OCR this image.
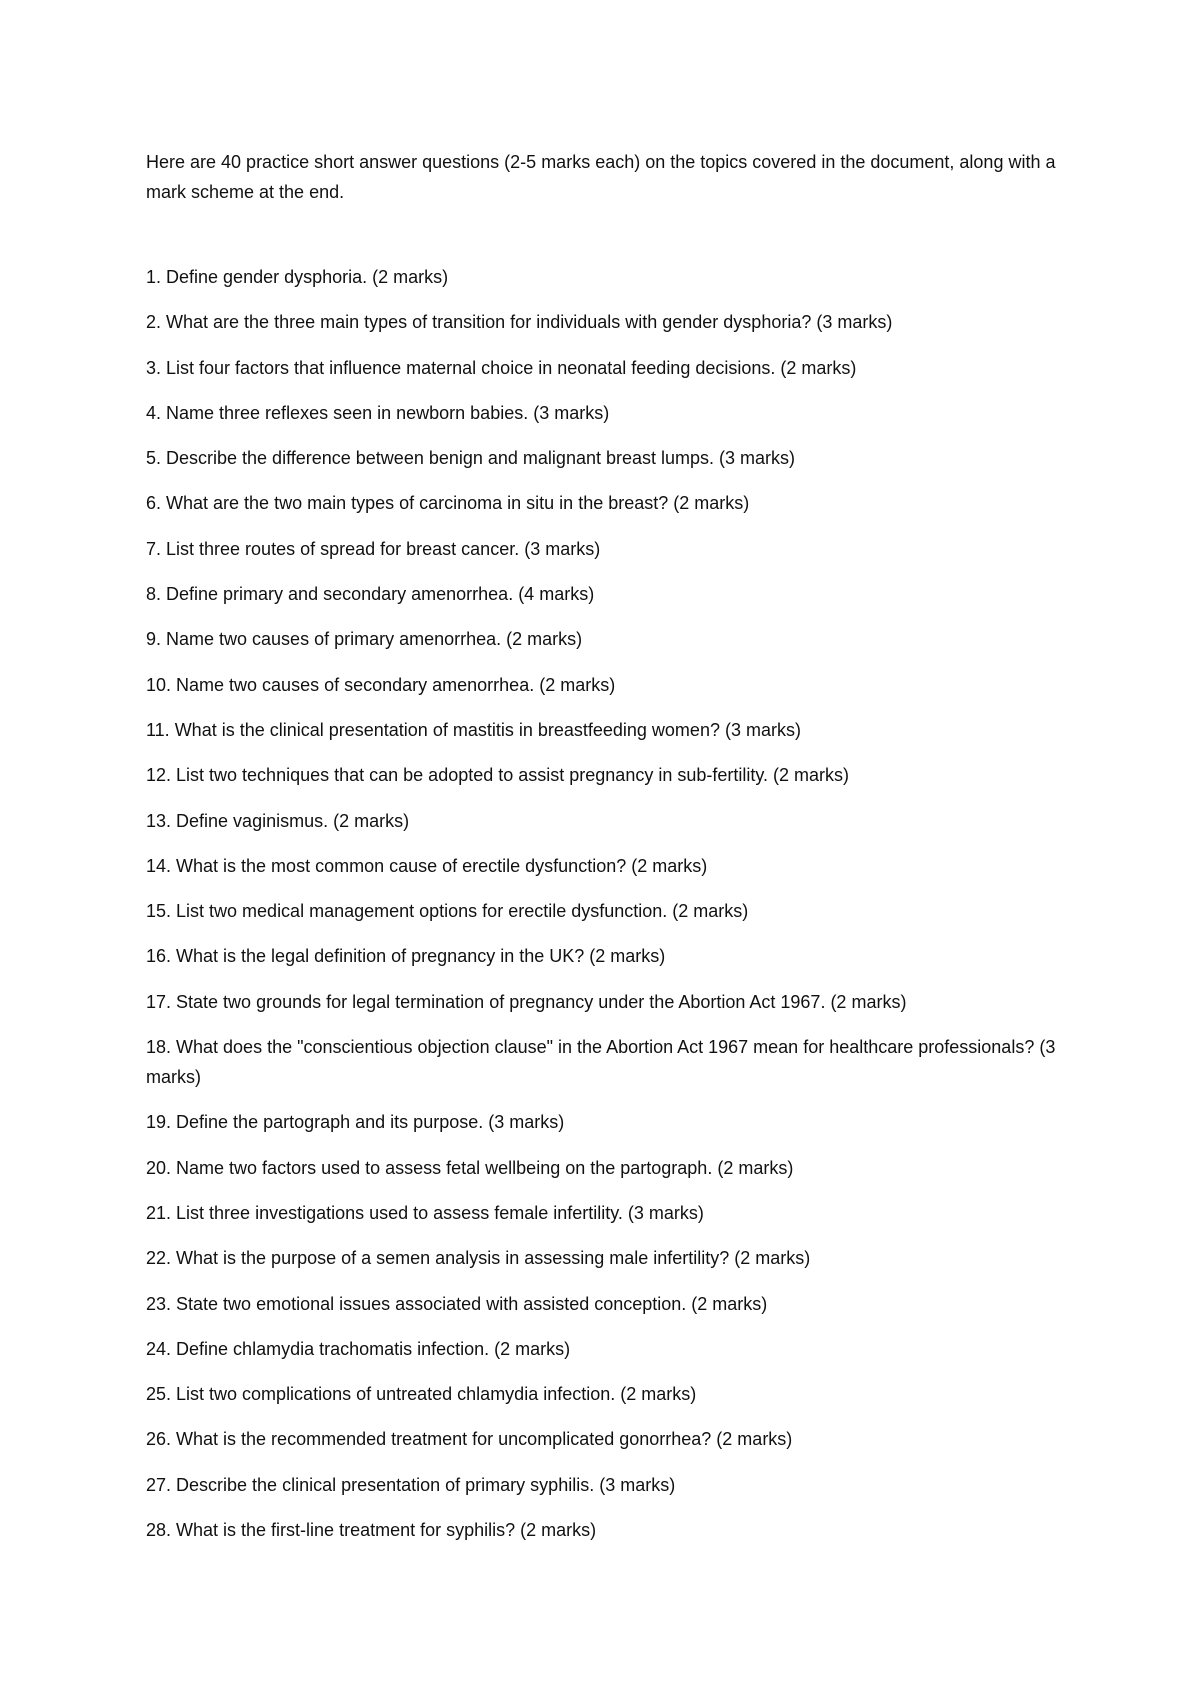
Here are 40 practice short answer questions (2-5 marks each) on the topics covered in the document, along with a mark scheme at the end.

1. Define gender dysphoria. (2 marks)
2. What are the three main types of transition for individuals with gender dysphoria? (3 marks)
3. List four factors that influence maternal choice in neonatal feeding decisions. (2 marks)
4. Name three reflexes seen in newborn babies. (3 marks)
5. Describe the difference between benign and malignant breast lumps. (3 marks)
6. What are the two main types of carcinoma in situ in the breast? (2 marks)
7. List three routes of spread for breast cancer. (3 marks)
8. Define primary and secondary amenorrhea. (4 marks)
9. Name two causes of primary amenorrhea. (2 marks)
10. Name two causes of secondary amenorrhea. (2 marks)
11. What is the clinical presentation of mastitis in breastfeeding women? (3 marks)
12. List two techniques that can be adopted to assist pregnancy in sub-fertility. (2 marks)
13. Define vaginismus. (2 marks)
14. What is the most common cause of erectile dysfunction? (2 marks)
15. List two medical management options for erectile dysfunction. (2 marks)
16. What is the legal definition of pregnancy in the UK? (2 marks)
17. State two grounds for legal termination of pregnancy under the Abortion Act 1967. (2 marks)
18. What does the "conscientious objection clause" in the Abortion Act 1967 mean for healthcare professionals? (3 marks)
19. Define the partograph and its purpose. (3 marks)
20. Name two factors used to assess fetal wellbeing on the partograph. (2 marks)
21. List three investigations used to assess female infertility. (3 marks)
22. What is the purpose of a semen analysis in assessing male infertility? (2 marks)
23. State two emotional issues associated with assisted conception. (2 marks)
24. Define chlamydia trachomatis infection. (2 marks)
25. List two complications of untreated chlamydia infection. (2 marks)
26. What is the recommended treatment for uncomplicated gonorrhea? (2 marks)
27. Describe the clinical presentation of primary syphilis. (3 marks)
28. What is the first-line treatment for syphilis? (2 marks)
